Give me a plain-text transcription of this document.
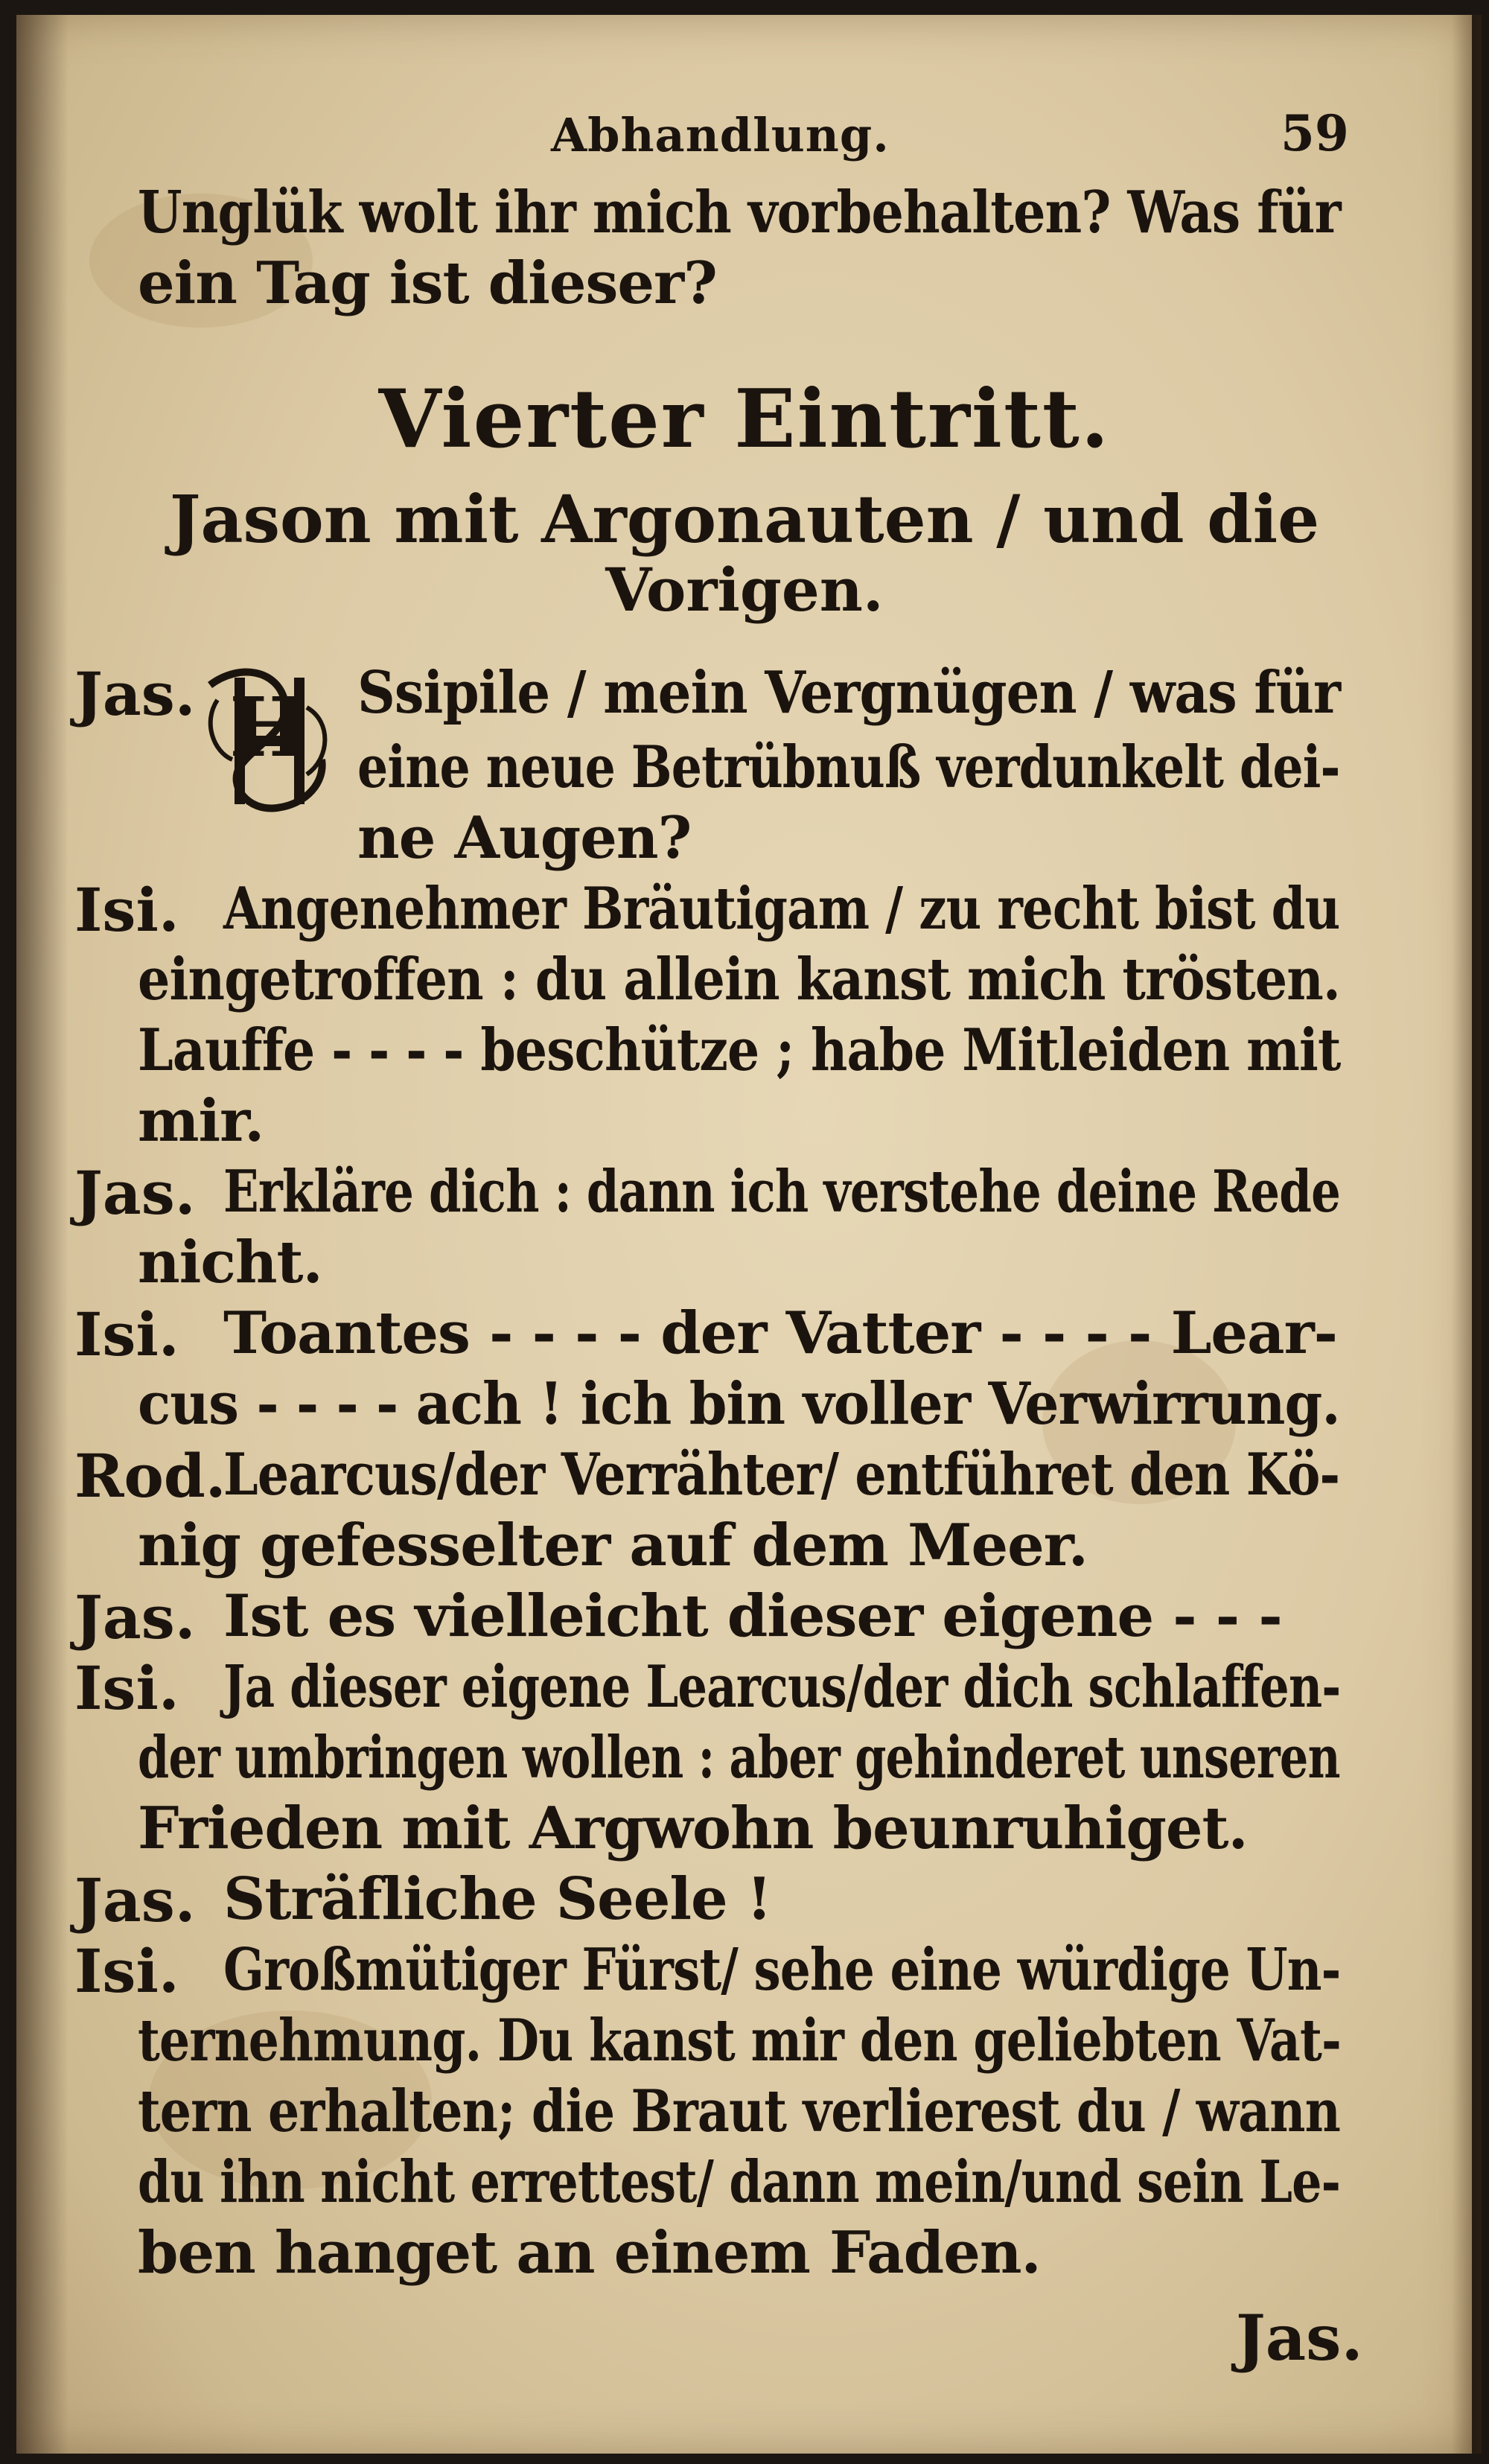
Abhandlung.	59
Unglük wolt ihr mich vorbehalten? Was für
ein Tag ist dieser?
Vierter Eintritt.
Jason mit Argonauten / und die
Vorigen.
H
Jas.	Ssipile / mein Vergnügen / was für
eine neue Betrübnuß verdunkelt dei-
ne Augen?
Isi. Angenehmer Bräutigam / zu recht bist du
eingetroffen : du allein kanst mich trösten.
Lauffe - - - - beschütze ; habe Mitleiden mit
mir.
Jas. Erkläre dich : dann ich verstehe deine Rede
nicht.
Isi. Toantes - - - - der Vatter - - - - Lear-
cus - - - - ach ! ich bin voller Verwirrung.
Rod.
Learcus/der Verrähter/ entführet den Kö-
nig gefesselter auf dem Meer.
Jas. Ist es vielleicht dieser eigene - - -
Isi. Ja dieser eigene Learcus/der dich schlaffen-
der umbringen wollen : aber gehinderet unseren
Frieden mit Argwohn beunruhiget.
Jas. Sträfliche Seele !
Isi. Großmütiger Fürst/ sehe eine würdige Un-
ternehmung. Du kanst mir den geliebten Vat-
tern erhalten; die Braut verlierest du / wann
du ihn nicht errettest/ dann mein/und sein Le-
ben hanget an einem Faden.
Jas.
